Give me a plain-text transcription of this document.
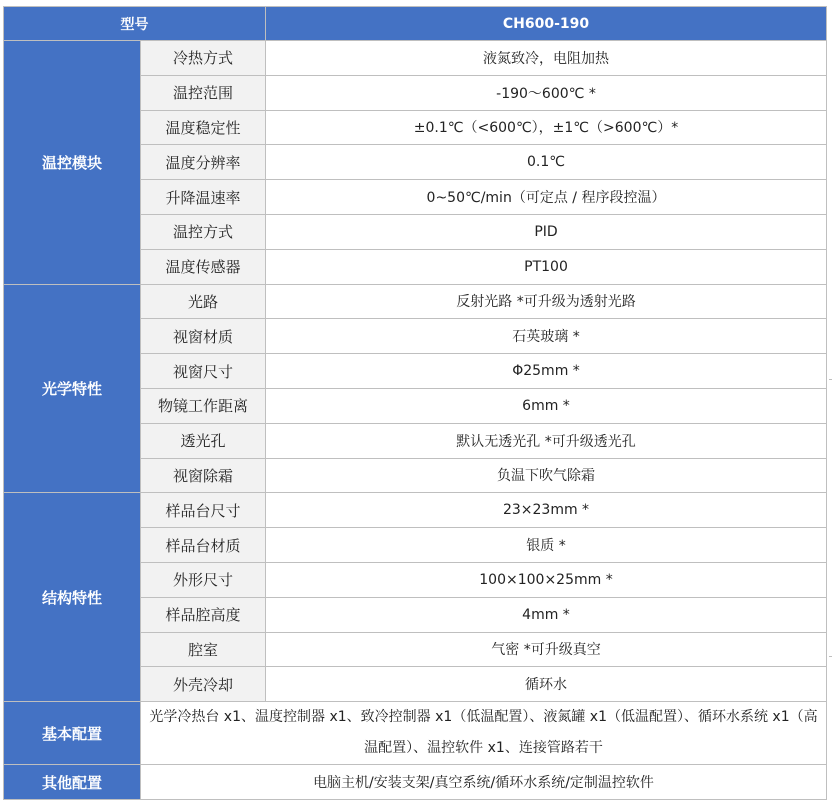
型号		CH600-190
温控模块	冷热方式	液氮致冷，电阻加热
	温控范围	-190～600℃ *
	温度稳定性	±0.1℃（<600℃），±1℃（>600℃）*
	温度分辨率	0.1℃
	升降温速率	0~50℃/min（可定点 / 程序段控温）
	温控方式	PID
	温度传感器	PT100
光学特性	光路	反射光路 *可升级为透射光路
	视窗材质	石英玻璃 *
	视窗尺寸	Φ25mm *
	物镜工作距离	6mm *
	透光孔	默认无透光孔 *可升级透光孔
	视窗除霜	负温下吹气除霜
结构特性	样品台尺寸	23×23mm *
	样品台材质	银质 *
	外形尺寸	100×100×25mm *
	样品腔高度	4mm *
	腔室	气密 *可升级真空
	外壳冷却	循环水
基本配置	光学冷热台 x1、温度控制器 x1、致冷控制器 x1（低温配置）、液氮罐 x1（低温配置）、循环水系统 x1（高温配置）、温控软件 x1、连接管路若干	
其他配置	电脑主机/安装支架/真空系统/循环水系统/定制温控软件	
